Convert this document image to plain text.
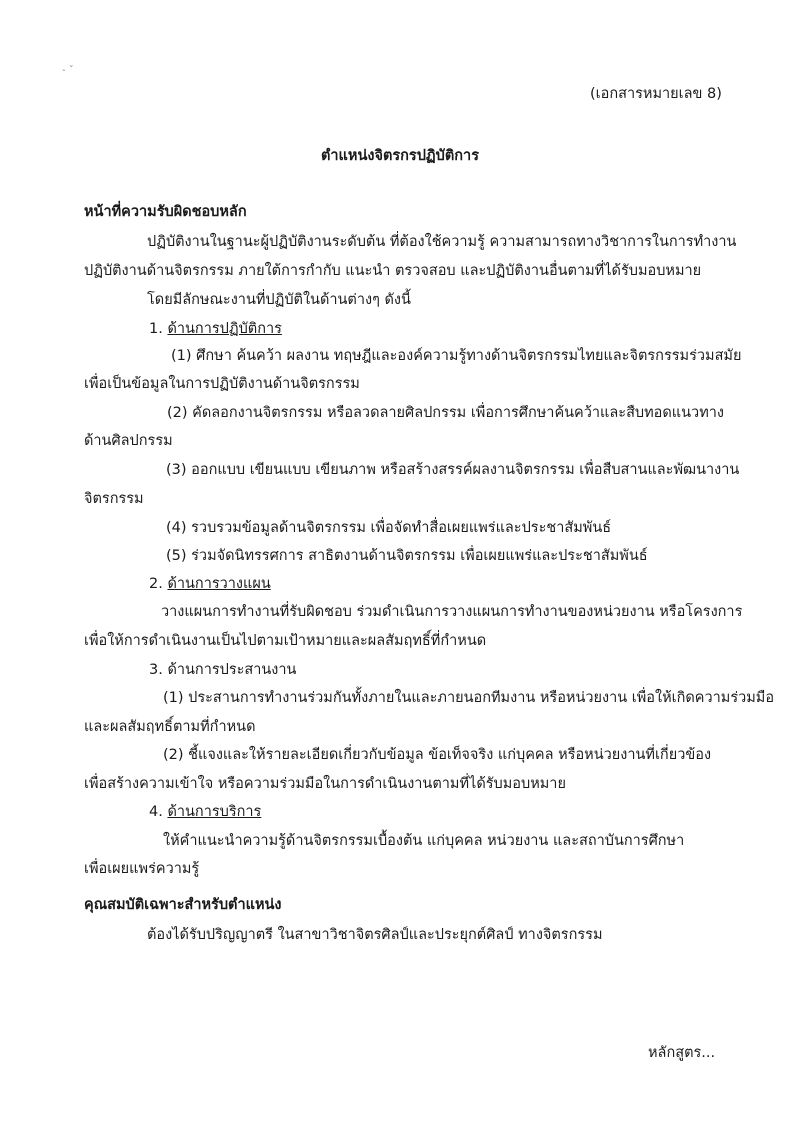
- ˇ
(เอกสารหมายเลข 8)
ตำแหน่งจิตรกรปฏิบัติการ
หน้าที่ความรับผิดชอบหลัก
ปฏิบัติงานในฐานะผู้ปฏิบัติงานระดับต้น ที่ต้องใช้ความรู้ ความสามารถทางวิชาการในการทำงาน
ปฏิบัติงานด้านจิตรกรรม ภายใต้การกำกับ แนะนำ ตรวจสอบ และปฏิบัติงานอื่นตามที่ได้รับมอบหมาย
โดยมีลักษณะงานที่ปฏิบัติในด้านต่างๆ ดังนี้
1. ด้านการปฏิบัติการ
(1) ศึกษา ค้นคว้า ผลงาน ทฤษฎีและองค์ความรู้ทางด้านจิตรกรรมไทยและจิตรกรรมร่วมสมัย
เพื่อเป็นข้อมูลในการปฏิบัติงานด้านจิตรกรรม
(2) คัดลอกงานจิตรกรรม หรือลวดลายศิลปกรรม เพื่อการศึกษาค้นคว้าและสืบทอดแนวทาง
ด้านศิลปกรรม
(3) ออกแบบ เขียนแบบ เขียนภาพ หรือสร้างสรรค์ผลงานจิตรกรรม เพื่อสืบสานและพัฒนางาน
จิตรกรรม
(4) รวบรวมข้อมูลด้านจิตรกรรม เพื่อจัดทำสื่อเผยแพร่และประชาสัมพันธ์
(5) ร่วมจัดนิทรรศการ สาธิตงานด้านจิตรกรรม เพื่อเผยแพร่และประชาสัมพันธ์
2. ด้านการวางแผน
วางแผนการทำงานที่รับผิดชอบ ร่วมดำเนินการวางแผนการทำงานของหน่วยงาน หรือโครงการ
เพื่อให้การดำเนินงานเป็นไปตามเป้าหมายและผลสัมฤทธิ์ที่กำหนด
3. ด้านการประสานงาน
(1) ประสานการทำงานร่วมกันทั้งภายในและภายนอกทีมงาน หรือหน่วยงาน เพื่อให้เกิดความร่วมมือ
และผลสัมฤทธิ์ตามที่กำหนด
(2) ชี้แจงและให้รายละเอียดเกี่ยวกับข้อมูล ข้อเท็จจริง แก่บุคคล หรือหน่วยงานที่เกี่ยวข้อง
เพื่อสร้างความเข้าใจ หรือความร่วมมือในการดำเนินงานตามที่ได้รับมอบหมาย
4. ด้านการบริการ
ให้คำแนะนำความรู้ด้านจิตรกรรมเบื้องต้น แก่บุคคล หน่วยงาน และสถาบันการศึกษา
เพื่อเผยแพร่ความรู้
คุณสมบัติเฉพาะสำหรับตำแหน่ง
ต้องได้รับปริญญาตรี ในสาขาวิชาจิตรศิลป์และประยุกต์ศิลป์ ทางจิตรกรรม
หลักสูตร...
